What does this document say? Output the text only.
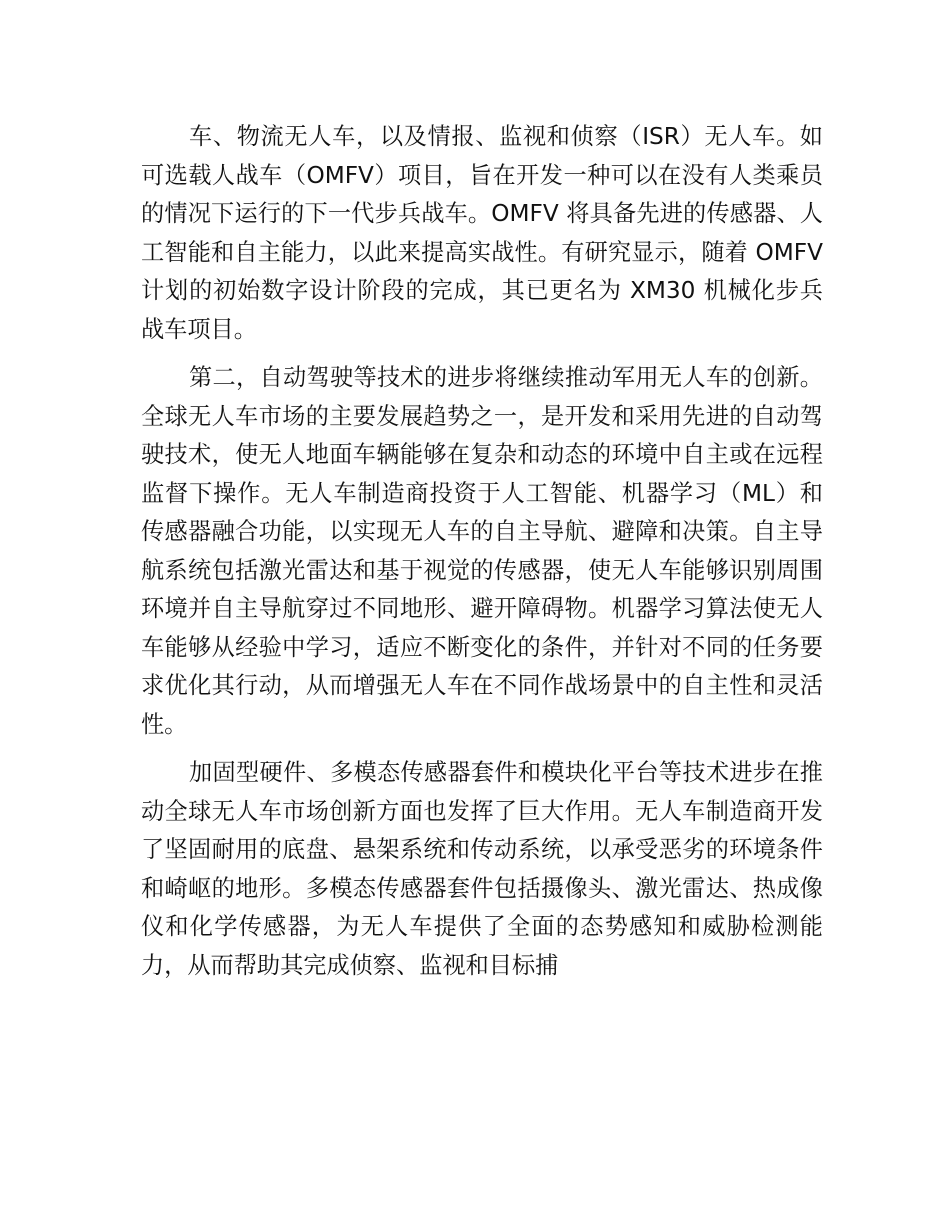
车、物流无人车，以及情报、监视和侦察（ISR）无人车。如可选载人战车（OMFV）项目，旨在开发一种可以在没有人类乘员的情况下运行的下一代步兵战车。OMFV 将具备先进的传感器、人工智能和自主能力，以此来提高实战性。有研究显示，随着 OMFV 计划的初始数字设计阶段的完成，其已更名为 XM30 机械化步兵战车项目。

第二，自动驾驶等技术的进步将继续推动军用无人车的创新。全球无人车市场的主要发展趋势之一，是开发和采用先进的自动驾驶技术，使无人地面车辆能够在复杂和动态的环境中自主或在远程监督下操作。无人车制造商投资于人工智能、机器学习（ML）和传感器融合功能，以实现无人车的自主导航、避障和决策。自主导航系统包括激光雷达和基于视觉的传感器，使无人车能够识别周围环境并自主导航穿过不同地形、避开障碍物。机器学习算法使无人车能够从经验中学习，适应不断变化的条件，并针对不同的任务要求优化其行动，从而增强无人车在不同作战场景中的自主性和灵活性。

加固型硬件、多模态传感器套件和模块化平台等技术进步在推动全球无人车市场创新方面也发挥了巨大作用。无人车制造商开发了坚固耐用的底盘、悬架系统和传动系统，以承受恶劣的环境条件和崎岖的地形。多模态传感器套件包括摄像头、激光雷达、热成像仪和化学传感器，为无人车提供了全面的态势感知和威胁检测能力，从而帮助其完成侦察、监视和目标捕
